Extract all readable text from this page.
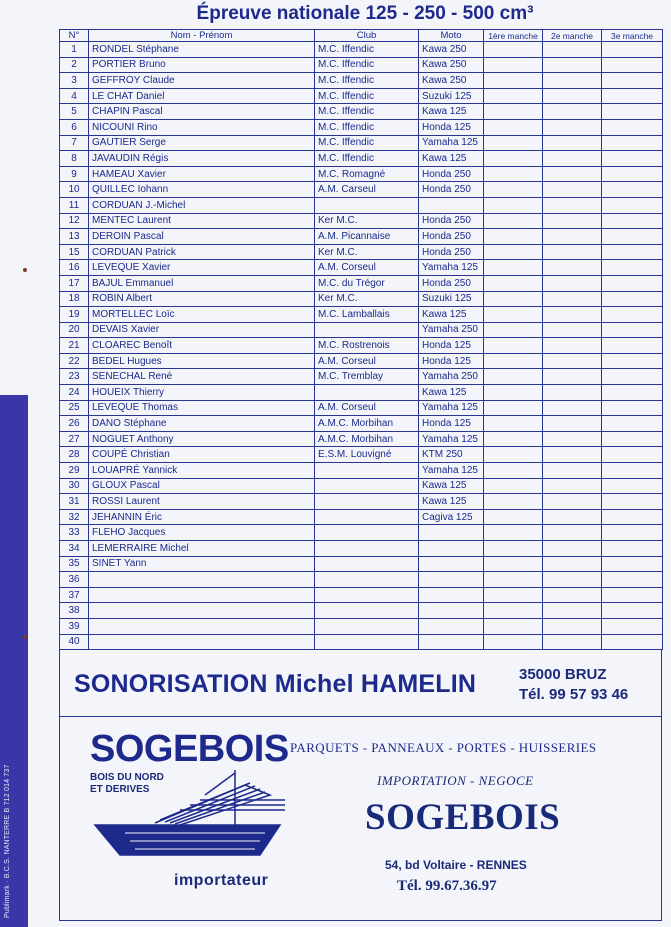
Publimark · B.C.S. NANTERRE B 712 014 737
Épreuve nationale 125 - 250 - 500 cm³
N°	Nom - Prénom	Club	Moto	1ère manche	2e manche	3e manche
1	RONDEL Stéphane	M.C. Iffendic	Kawa 250			
2	PORTIER Bruno	M.C. Iffendic	Kawa 250			
3	GEFFROY Claude	M.C. Iffendic	Kawa 250			
4	LE CHAT Daniel	M.C. Iffendic	Suzuki 125			
5	CHAPIN Pascal	M.C. Iffendic	Kawa 125			
6	NICOUNI Rino	M.C. Iffendic	Honda 125			
7	GAUTIER Serge	M.C. Iffendic	Yamaha 125			
8	JAVAUDIN Régis	M.C. Iffendic	Kawa 125			
9	HAMEAU Xavier	M.C. Romagné	Honda 250			
10	QUILLEC Iohann	A.M. Carseul	Honda 250			
11	CORDUAN J.-Michel					
12	MENTEC Laurent	Ker M.C.	Honda 250			
13	DEROIN Pascal	A.M. Picannaise	Honda 250			
15	CORDUAN Patrick	Ker M.C.	Honda 250			
16	LEVEQUE Xavier	A.M. Corseul	Yamaha 125			
17	BAJUL Emmanuel	M.C. du Trégor	Honda 250			
18	ROBIN Albert	Ker M.C.	Suzuki 125			
19	MORTELLEC Loïc	M.C. Lamballais	Kawa 125			
20	DEVAIS Xavier		Yamaha 250			
21	CLOAREC Benoît	M.C. Rostrenois	Honda 125			
22	BEDEL Hugues	A.M. Corseul	Honda 125			
23	SENECHAL René	M.C. Tremblay	Yamaha 250			
24	HOUEIX Thierry		Kawa 125			
25	LEVEQUE Thomas	A.M. Corseul	Yamaha 125			
26	DANO Stéphane	A.M.C. Morbihan	Honda 125			
27	NOGUET Anthony	A.M.C. Morbihan	Yamaha 125			
28	COUPÉ Christian	E.S.M. Louvigné	KTM 250			
29	LOUAPRÉ Yannick		Yamaha 125			
30	GLOUX Pascal		Kawa 125			
31	ROSSI Laurent		Kawa 125			
32	JEHANNIN Éric		Cagiva 125			
33	FLEHO Jacques					
34	LEMERRAIRE Michel					
35	SINET Yann					
36						
37						
38						
39						
40						
SONORISATION Michel HAMELIN	35000 BRUZ
Tél. 99 57 93 46
SOGEBOIS
BOIS DU NORD
ET DERIVES
importateur
PARQUETS - PANNEAUX - PORTES - HUISSERIES
IMPORTATION - NEGOCE
SOGEBOIS
54, bd Voltaire - RENNES
Tél. 99.67.36.97
